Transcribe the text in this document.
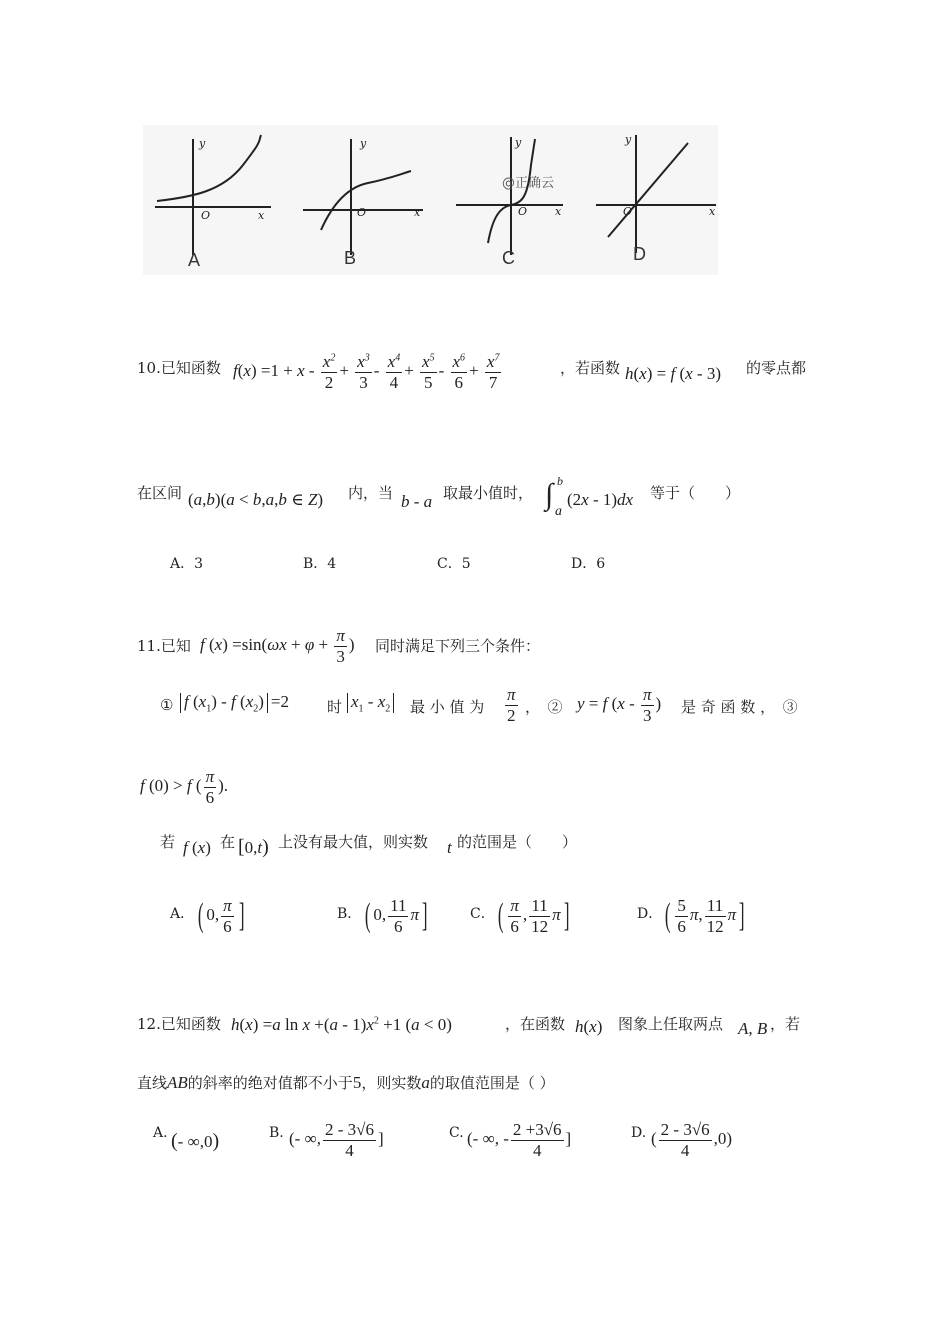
y
O	x
y
O	x
y
O	x
y
O	x
@正确云
A	B	C	D
10.已知函数 $f(x) =1 + x - \frac{x^2}{2} + \frac{x^3}{3} - \frac{x^4}{4} + \frac{x^5}{5} - \frac{x^6}{6} + \frac{x^7}{7}$	，若函数 h(x) = f (x - 3) 的零点都
在区间 (a,b)(a < b,a,b ∈ Z) 内，当 b - a 取最小值时，
b
∫
a
(2x - 1)dx 等于（　　）
A．3	B．4	C．5	D．6
11.已知 f $(x) =\sin(\omega x + \varphi + \frac{\pi}{3}$ ) 同时满足下列三个条件：
① f $(x_1)$ - f $(x_2) =2$	时 $x_1 - x_2$	最 小 值 为 $\frac{\pi}{2}$ ，　② y = f ($x - \frac{\pi}{3}$ ) 是 奇 函 数 ，　③
f (0) > f ( $\frac{\pi}{6}$ ).
若 f (x) 在 [0,t) 上没有最大值，则实数 t 的范围是（　　）
A． ( 0, $\frac{\pi}{6}$ ]	B． ( 0, $\frac{11}{6} \pi$]	C． ( $\frac{\pi}{6}$ , $\frac{11}{12} \pi$]	D． ( $\frac{5}{6} \pi$, $\frac{11}{12} \pi$]
12.已知函数 h(x) =a $\ln x +(a - 1)x^2 +1$ (a < 0)	，在函数 h(x) 图象上任取两点 A, B ，若
直线AB的斜率的绝对值都不小于5，则实数a的取值范围是（ ）
A. (- ∞,0)	B. (- ∞, $\frac{2 - 3√6}{4}$ ]	C. (- ∞, - $\frac{2 +3√6}{4}$ ]	D. ( $\frac{2 - 3√6}{4} ,0$)
